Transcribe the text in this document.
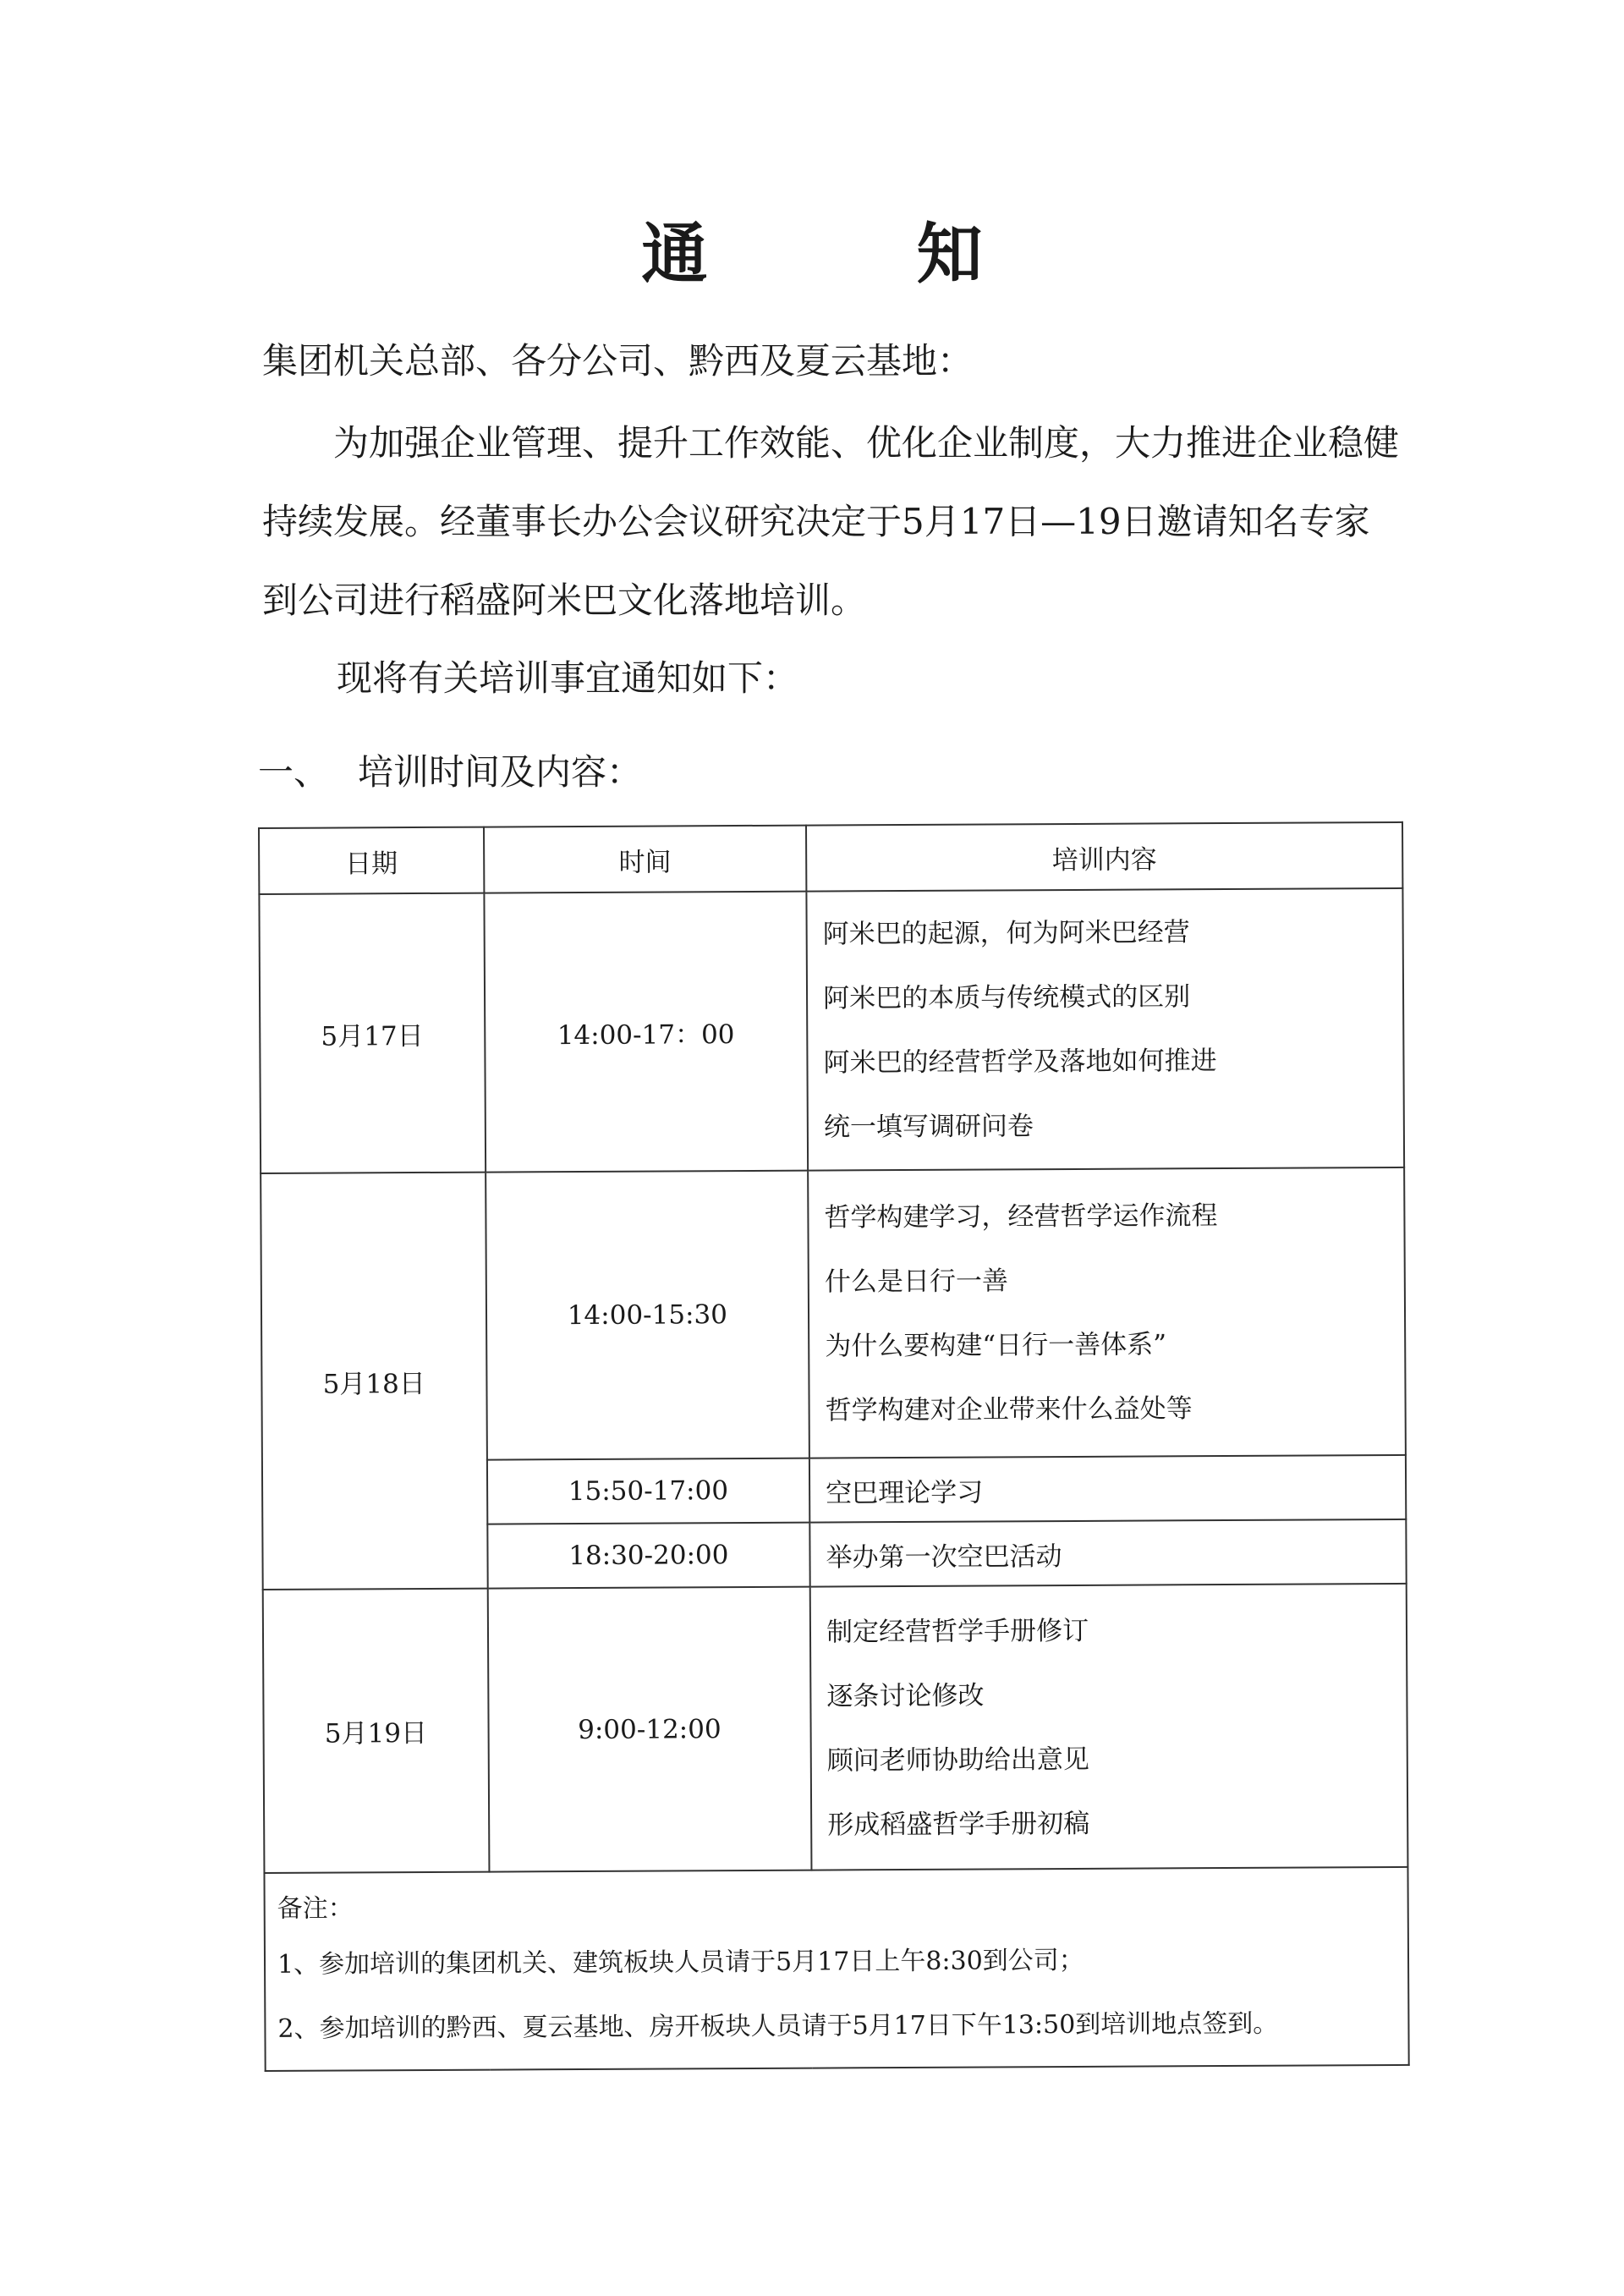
通 知
集团机关总部、各分公司、黔西及夏云基地：
为加强企业管理、提升工作效能、优化企业制度，大力推进企业稳健持续发展。经董事长办公会议研究决定于5月17日—19日邀请知名专家到公司进行稻盛阿米巴文化落地培训。
现将有关培训事宜通知如下：
一、 培训时间及内容：
日期	时间	培训内容
5月17日	14:00-17：00	阿米巴的起源，何为阿米巴经营
阿米巴的本质与传统模式的区别
阿米巴的经营哲学及落地如何推进
统一填写调研问卷

5月18日	14:00-15:30	哲学构建学习，经营哲学运作流程
什么是日行一善
为什么要构建“日行一善体系”
哲学构建对企业带来什么益处等

	15:50-17:00	空巴理论学习
	18:30-20:00	举办第一次空巴活动
5月19日	9:00-12:00	制定经营哲学手册修订
逐条讨论修改
顾问老师协助给出意见
形成稻盛哲学手册初稿

备注：
1、参加培训的集团机关、建筑板块人员请于5月17日上午8:30到公司；
2、参加培训的黔西、夏云基地、房开板块人员请于5月17日下午13:50到培训地点签到。		
